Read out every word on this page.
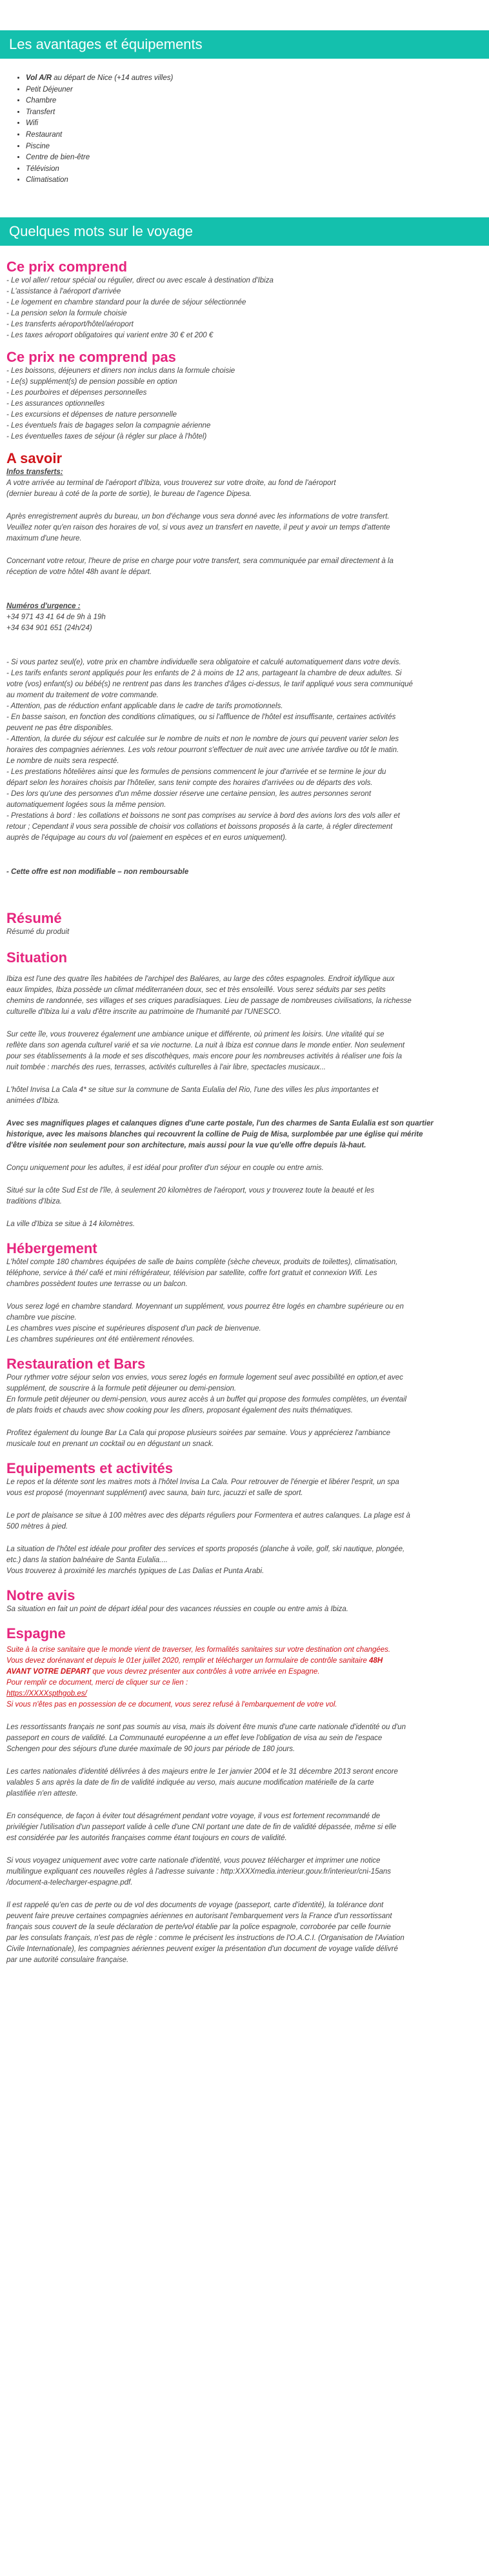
Les avantages et équipements
• Vol A/R au départ de Nice (+14 autres villes)
• Petit Déjeuner
• Chambre
• Transfert
• Wifi
• Restaurant
• Piscine
• Centre de bien-être
• Télévision
• Climatisation
Quelques mots sur le voyage
Ce prix comprend
- Le vol aller/ retour spécial ou régulier, direct ou avec escale à destination d'Ibiza
- L'assistance à l'aéroport d'arrivée
- Le logement en chambre standard pour la durée de séjour sélectionnée
- La pension selon la formule choisie
- Les transferts aéroport/hôtel/aéroport
- Les taxes aéroport obligatoires qui varient entre 30 € et 200 €
Ce prix ne comprend pas
- Les boissons, déjeuners et diners non inclus dans la formule choisie
- Le(s) supplément(s) de pension possible en option
- Les pourboires et dépenses personnelles
- Les assurances optionnelles
- Les excursions et dépenses de nature personnelle
- Les éventuels frais de bagages selon la compagnie aérienne
- Les éventuelles taxes de séjour (à régler sur place à l'hôtel)
A savoir
Infos transferts:
A votre arrivée au terminal de l'aéroport d'Ibiza, vous trouverez sur votre droite, au fond de l'aéroport
(dernier bureau à coté de la porte de sortie), le bureau de l'agence Dipesa.
Après enregistrement auprès du bureau, un bon d'échange vous sera donné avec les informations de votre transfert.
Veuillez noter qu'en raison des horaires de vol, si vous avez un transfert en navette, il peut y avoir un temps d'attente
maximum d'une heure.
Concernant votre retour, l'heure de prise en charge pour votre transfert, sera communiquée par email directement à la
réception de votre hôtel 48h avant le départ.
Numéros d'urgence :
+34 971 43 41 64 de 9h à 19h
+34 634 901 651 (24h/24)
- Si vous partez seul(e), votre prix en chambre individuelle sera obligatoire et calculé automatiquement dans votre devis.
- Les tarifs enfants seront appliqués pour les enfants de 2 à moins de 12 ans, partageant la chambre de deux adultes. Si
votre (vos) enfant(s) ou bébé(s) ne rentrent pas dans les tranches d'âges ci-dessus, le tarif appliqué vous sera communiqué
au moment du traitement de votre commande.
- Attention, pas de réduction enfant applicable dans le cadre de tarifs promotionnels.
- En basse saison, en fonction des conditions climatiques, ou si l'affluence de l'hôtel est insuffisante, certaines activités
peuvent ne pas être disponibles.
- Attention, la durée du séjour est calculée sur le nombre de nuits et non le nombre de jours qui peuvent varier selon les
horaires des compagnies aériennes. Les vols retour pourront s'effectuer de nuit avec une arrivée tardive ou tôt le matin.
Le nombre de nuits sera respecté.
- Les prestations hôtelières ainsi que les formules de pensions commencent le jour d'arrivée et se termine le jour du
départ selon les horaires choisis par l'hôtelier, sans tenir compte des horaires d'arrivées ou de départs des vols.
- Des lors qu'une des personnes d'un même dossier réserve une certaine pension, les autres personnes seront
automatiquement logées sous la même pension.
- Prestations à bord : les collations et boissons ne sont pas comprises au service à bord des avions lors des vols aller et
retour ; Cependant il vous sera possible de choisir vos collations et boissons proposés à la carte, à régler directement
auprès de l'équipage au cours du vol (paiement en espèces et en euros uniquement).
- Cette offre est non modifiable – non remboursable
Résumé
Résumé du produit
Situation
Ibiza est l'une des quatre îles habitées de l'archipel des Baléares, au large des côtes espagnoles. Endroit idyllique aux
eaux limpides, Ibiza possède un climat méditerranéen doux, sec et très ensoleillé. Vous serez séduits par ses petits
chemins de randonnée, ses villages et ses criques paradisiaques. Lieu de passage de nombreuses civilisations, la richesse
culturelle d'Ibiza lui a valu d'être inscrite au patrimoine de l'humanité par l'UNESCO.
Sur cette île, vous trouverez également une ambiance unique et différente, où priment les loisirs. Une vitalité qui se
reflète dans son agenda culturel varié et sa vie nocturne. La nuit à Ibiza est connue dans le monde entier. Non seulement
pour ses établissements à la mode et ses discothèques, mais encore pour les nombreuses activités à réaliser une fois la
nuit tombée : marchés des rues, terrasses, activités culturelles à l'air libre, spectacles musicaux...
L'hôtel Invisa La Cala 4* se situe sur la commune de Santa Eulalia del Rio, l'une des villes les plus importantes et
animées d'Ibiza.
Avec ses magnifiques plages et calanques dignes d'une carte postale, l'un des charmes de Santa Eulalia est son quartier
historique, avec les maisons blanches qui recouvrent la colline de Puig de Misa, surplombée par une église qui mérite
d'être visitée non seulement pour son architecture, mais aussi pour la vue qu'elle offre depuis là-haut.
Conçu uniquement pour les adultes, il est idéal pour profiter d'un séjour en couple ou entre amis.
Situé sur la côte Sud Est de l'île, à seulement 20 kilomètres de l'aéroport, vous y trouverez toute la beauté et les
traditions d'Ibiza.
La ville d'Ibiza se situe à 14 kilomètres.
Hébergement
L'hôtel compte 180 chambres équipées de salle de bains complète (sèche cheveux, produits de toilettes), climatisation,
téléphone, service à thé/ café et mini réfrigérateur, télévision par satellite, coffre fort gratuit et connexion Wifi. Les
chambres possèdent toutes une terrasse ou un balcon.
Vous serez logé en chambre standard. Moyennant un supplément, vous pourrez être logés en chambre supérieure ou en
chambre vue piscine.
Les chambres vues piscine et supérieures disposent d'un pack de bienvenue.
Les chambres supérieures ont été entièrement rénovées.
Restauration et Bars
Pour rythmer votre séjour selon vos envies, vous serez logés en formule logement seul avec possibilité en option,et avec
supplément, de souscrire à la formule petit déjeuner ou demi-pension.
En formule petit déjeuner ou demi-pension, vous aurez accès à un buffet qui propose des formules complètes, un éventail
de plats froids et chauds avec show cooking pour les dîners, proposant également des nuits thématiques.
Profitez également du lounge Bar La Cala qui propose plusieurs soirées par semaine. Vous y apprécierez l'ambiance
musicale tout en prenant un cocktail ou en dégustant un snack.
Equipements et activités
Le repos et la détente sont les maitres mots à l'hôtel Invisa La Cala. Pour retrouver de l'énergie et libérer l'esprit, un spa
vous est proposé (moyennant supplément) avec sauna, bain turc, jacuzzi et salle de sport.
Le port de plaisance se situe à 100 mètres avec des départs réguliers pour Formentera et autres calanques. La plage est à
500 mètres à pied.
La situation de l'hôtel est idéale pour profiter des services et sports proposés (planche à voile, golf, ski nautique, plongée,
etc.) dans la station balnéaire de Santa Eulalia....
Vous trouverez à proximité les marchés typiques de Las Dalias et Punta Arabi.
Notre avis
Sa situation en fait un point de départ idéal pour des vacances réussies en couple ou entre amis à Ibiza.
Espagne
Suite à la crise sanitaire que le monde vient de traverser, les formalités sanitaires sur votre destination ont changées.
Vous devez dorénavant et depuis le 01er juillet 2020, remplir et télécharger un formulaire de contrôle sanitaire 48H
AVANT VOTRE DEPART que vous devrez présenter aux contrôles à votre arrivée en Espagne.
Pour remplir ce document, merci de cliquer sur ce lien :
https://XXXXspthgob.es/
Si vous n'êtes pas en possession de ce document, vous serez refusé à l'embarquement de votre vol.
Les ressortissants français ne sont pas soumis au visa, mais ils doivent être munis d'une carte nationale d'identité ou d'un
passeport en cours de validité. La Communauté européenne a un effet leve l'obligation de visa au sein de l'espace
Schengen pour des séjours d'une durée maximale de 90 jours par période de 180 jours.
Les cartes nationales d'identité délivrées à des majeurs entre le 1er janvier 2004 et le 31 décembre 2013 seront encore
valables 5 ans après la date de fin de validité indiquée au verso, mais aucune modification matérielle de la carte
plastifiée n'en atteste.
En conséquence, de façon à éviter tout désagrément pendant votre voyage, il vous est fortement recommandé de
privilégier l'utilisation d'un passeport valide à celle d'une CNI portant une date de fin de validité dépassée, même si elle
est considérée par les autorités françaises comme étant toujours en cours de validité.
Si vous voyagez uniquement avec votre carte nationale d'identité, vous pouvez télécharger et imprimer une notice
multilingue expliquant ces nouvelles règles à l'adresse suivante : http:XXXXmedia.interieur.gouv.fr/interieur/cni-15ans
/document-a-telecharger-espagne.pdf.
Il est rappelé qu'en cas de perte ou de vol des documents de voyage (passeport, carte d'identité), la tolérance dont
peuvent faire preuve certaines compagnies aériennes en autorisant l'embarquement vers la France d'un ressortissant
français sous couvert de la seule déclaration de perte/vol établie par la police espagnole, corroborée par celle fournie
par les consulats français, n'est pas de règle : comme le précisent les instructions de l'O.A.C.I. (Organisation de l'Aviation
Civile Internationale), les compagnies aériennes peuvent exiger la présentation d'un document de voyage valide délivré
par une autorité consulaire française.
